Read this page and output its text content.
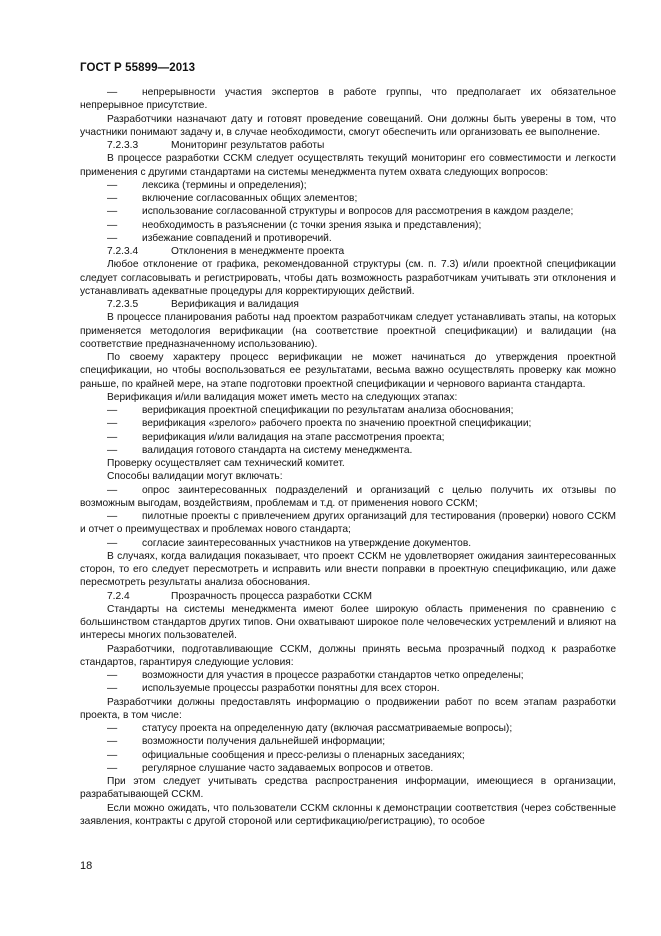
ГОСТ Р 55899—2013

— непрерывности участия экспертов в работе группы, что предполагает их обязательное непрерывное присутствие.

Разработчики назначают дату и готовят проведение совещаний. Они должны быть уверены в том, что участники понимают задачу и, в случае необходимости, смогут обеспечить или организовать ее выполнение.

7.2.3.3	Мониторинг результатов работы

В процессе разработки ССКМ следует осуществлять текущий мониторинг его совместимости и легкости применения с другими стандартами на системы менеджмента путем охвата следующих вопросов:

— лексика (термины и определения);

— включение согласованных общих элементов;

— использование согласованной структуры и вопросов для рассмотрения в каждом разделе;

— необходимость в разъяснении (с точки зрения языка и представления);

— избежание совпадений и противоречий.

7.2.3.4	Отклонения в менеджменте проекта

Любое отклонение от графика, рекомендованной структуры (см. п. 7.3) и/или проектной спецификации следует согласовывать и регистрировать, чтобы дать возможность разработчикам учитывать эти отклонения и устанавливать адекватные процедуры для корректирующих действий.

7.2.3.5	Верификация и валидация

В процессе планирования работы над проектом разработчикам следует устанавливать этапы, на которых применяется методология верификации (на соответствие проектной спецификации) и валидации (на соответствие предназначенному использованию).

По своему характеру процесс верификации не может начинаться до утверждения проектной спецификации, но чтобы воспользоваться ее результатами, весьма важно осуществлять проверку как можно раньше, по крайней мере, на этапе подготовки проектной спецификации и чернового варианта стандарта.

Верификация и/или валидация может иметь место на следующих этапах:

— верификация проектной спецификации по результатам анализа обоснования;

— верификация «зрелого» рабочего проекта по значению проектной спецификации;

— верификация и/или валидация на этапе рассмотрения проекта;

— валидация готового стандарта на систему менеджмента.

Проверку осуществляет сам технический комитет.

Способы валидации могут включать:

— опрос заинтересованных подразделений и организаций с целью получить их отзывы по возможным выгодам, воздействиям, проблемам и т.д. от применения нового ССКМ;

— пилотные проекты с привлечением других организаций для тестирования (проверки) нового ССКМ и отчет о преимуществах и проблемах нового стандарта;

— согласие заинтересованных участников на утверждение документов.

В случаях, когда валидация показывает, что проект ССКМ не удовлетворяет ожидания заинтересованных сторон, то его следует пересмотреть и исправить или внести поправки в проектную спецификацию, или даже пересмотреть результаты анализа обоснования.

7.2.4	Прозрачность процесса разработки ССКМ

Стандарты на системы менеджмента имеют более широкую область применения по сравнению с большинством стандартов других типов. Они охватывают широкое поле человеческих устремлений и влияют на интересы многих пользователей.

Разработчики, подготавливающие ССКМ, должны принять весьма прозрачный подход к разработке стандартов, гарантируя следующие условия:

— возможности для участия в процессе разработки стандартов четко определены;

— используемые процессы разработки понятны для всех сторон.

Разработчики должны предоставлять информацию о продвижении работ по всем этапам разработки проекта, в том числе:

— статусу проекта на определенную дату (включая рассматриваемые вопросы);

— возможности получения дальнейшей информации;

— официальные сообщения и пресс-релизы о пленарных заседаниях;

— регулярное слушание часто задаваемых вопросов и ответов.

При этом следует учитывать средства распространения информации, имеющиеся в организации, разрабатывающей ССКМ.

Если можно ожидать, что пользователи ССКМ склонны к демонстрации соответствия (через собственные заявления, контракты с другой стороной или сертификацию/регистрацию), то особое

18
